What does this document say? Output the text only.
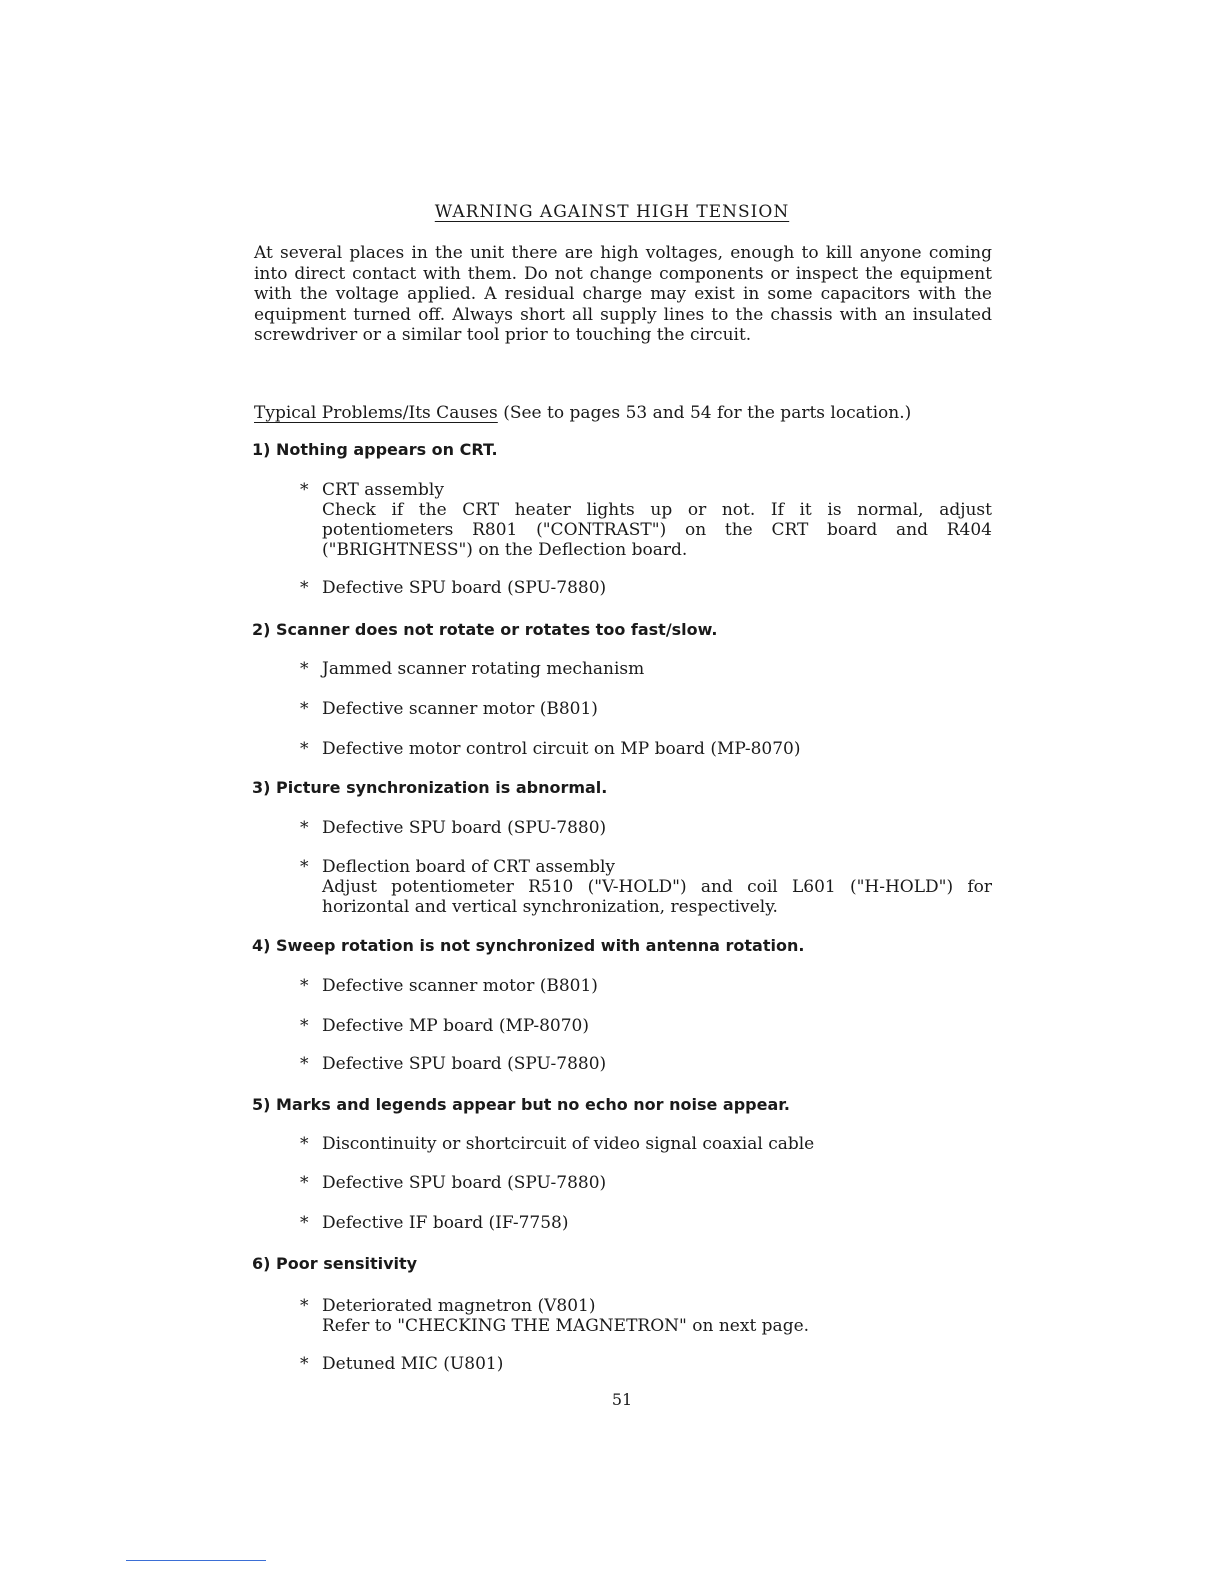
WARNING AGAINST HIGH TENSION

At several places in the unit there are high voltages, enough to kill anyone coming into direct contact with them. Do not change components or inspect the equipment with the voltage applied. A residual charge may exist in some capacitors with the equipment turned off. Always short all supply lines to the chassis with an insulated screwdriver or a similar tool prior to touching the circuit.

Typical Problems/Its Causes (See to pages 53 and 54 for the parts location.)
1) Nothing appears on CRT.
* CRT assembly
Check if the CRT heater lights up or not. If it is normal, adjust potentiometers R801 ("CONTRAST") on the CRT board and R404 ("BRIGHTNESS") on the Deflection board.
* Defective SPU board (SPU-7880)
2) Scanner does not rotate or rotates too fast/slow.
* Jammed scanner rotating mechanism
* Defective scanner motor (B801)
* Defective motor control circuit on MP board (MP-8070)
3) Picture synchronization is abnormal.
* Defective SPU board (SPU-7880)
* Deflection board of CRT assembly
Adjust potentiometer R510 ("V-HOLD") and coil L601 ("H-HOLD") for horizontal and vertical synchronization, respectively.
4) Sweep rotation is not synchronized with antenna rotation.
* Defective scanner motor (B801)
* Defective MP board (MP-8070)
* Defective SPU board (SPU-7880)
5) Marks and legends appear but no echo nor noise appear.
* Discontinuity or shortcircuit of video signal coaxial cable
* Defective SPU board (SPU-7880)
* Defective IF board (IF-7758)
6) Poor sensitivity
* Deteriorated magnetron (V801)
Refer to "CHECKING THE MAGNETRON" on next page.
* Detuned MIC (U801)
51
